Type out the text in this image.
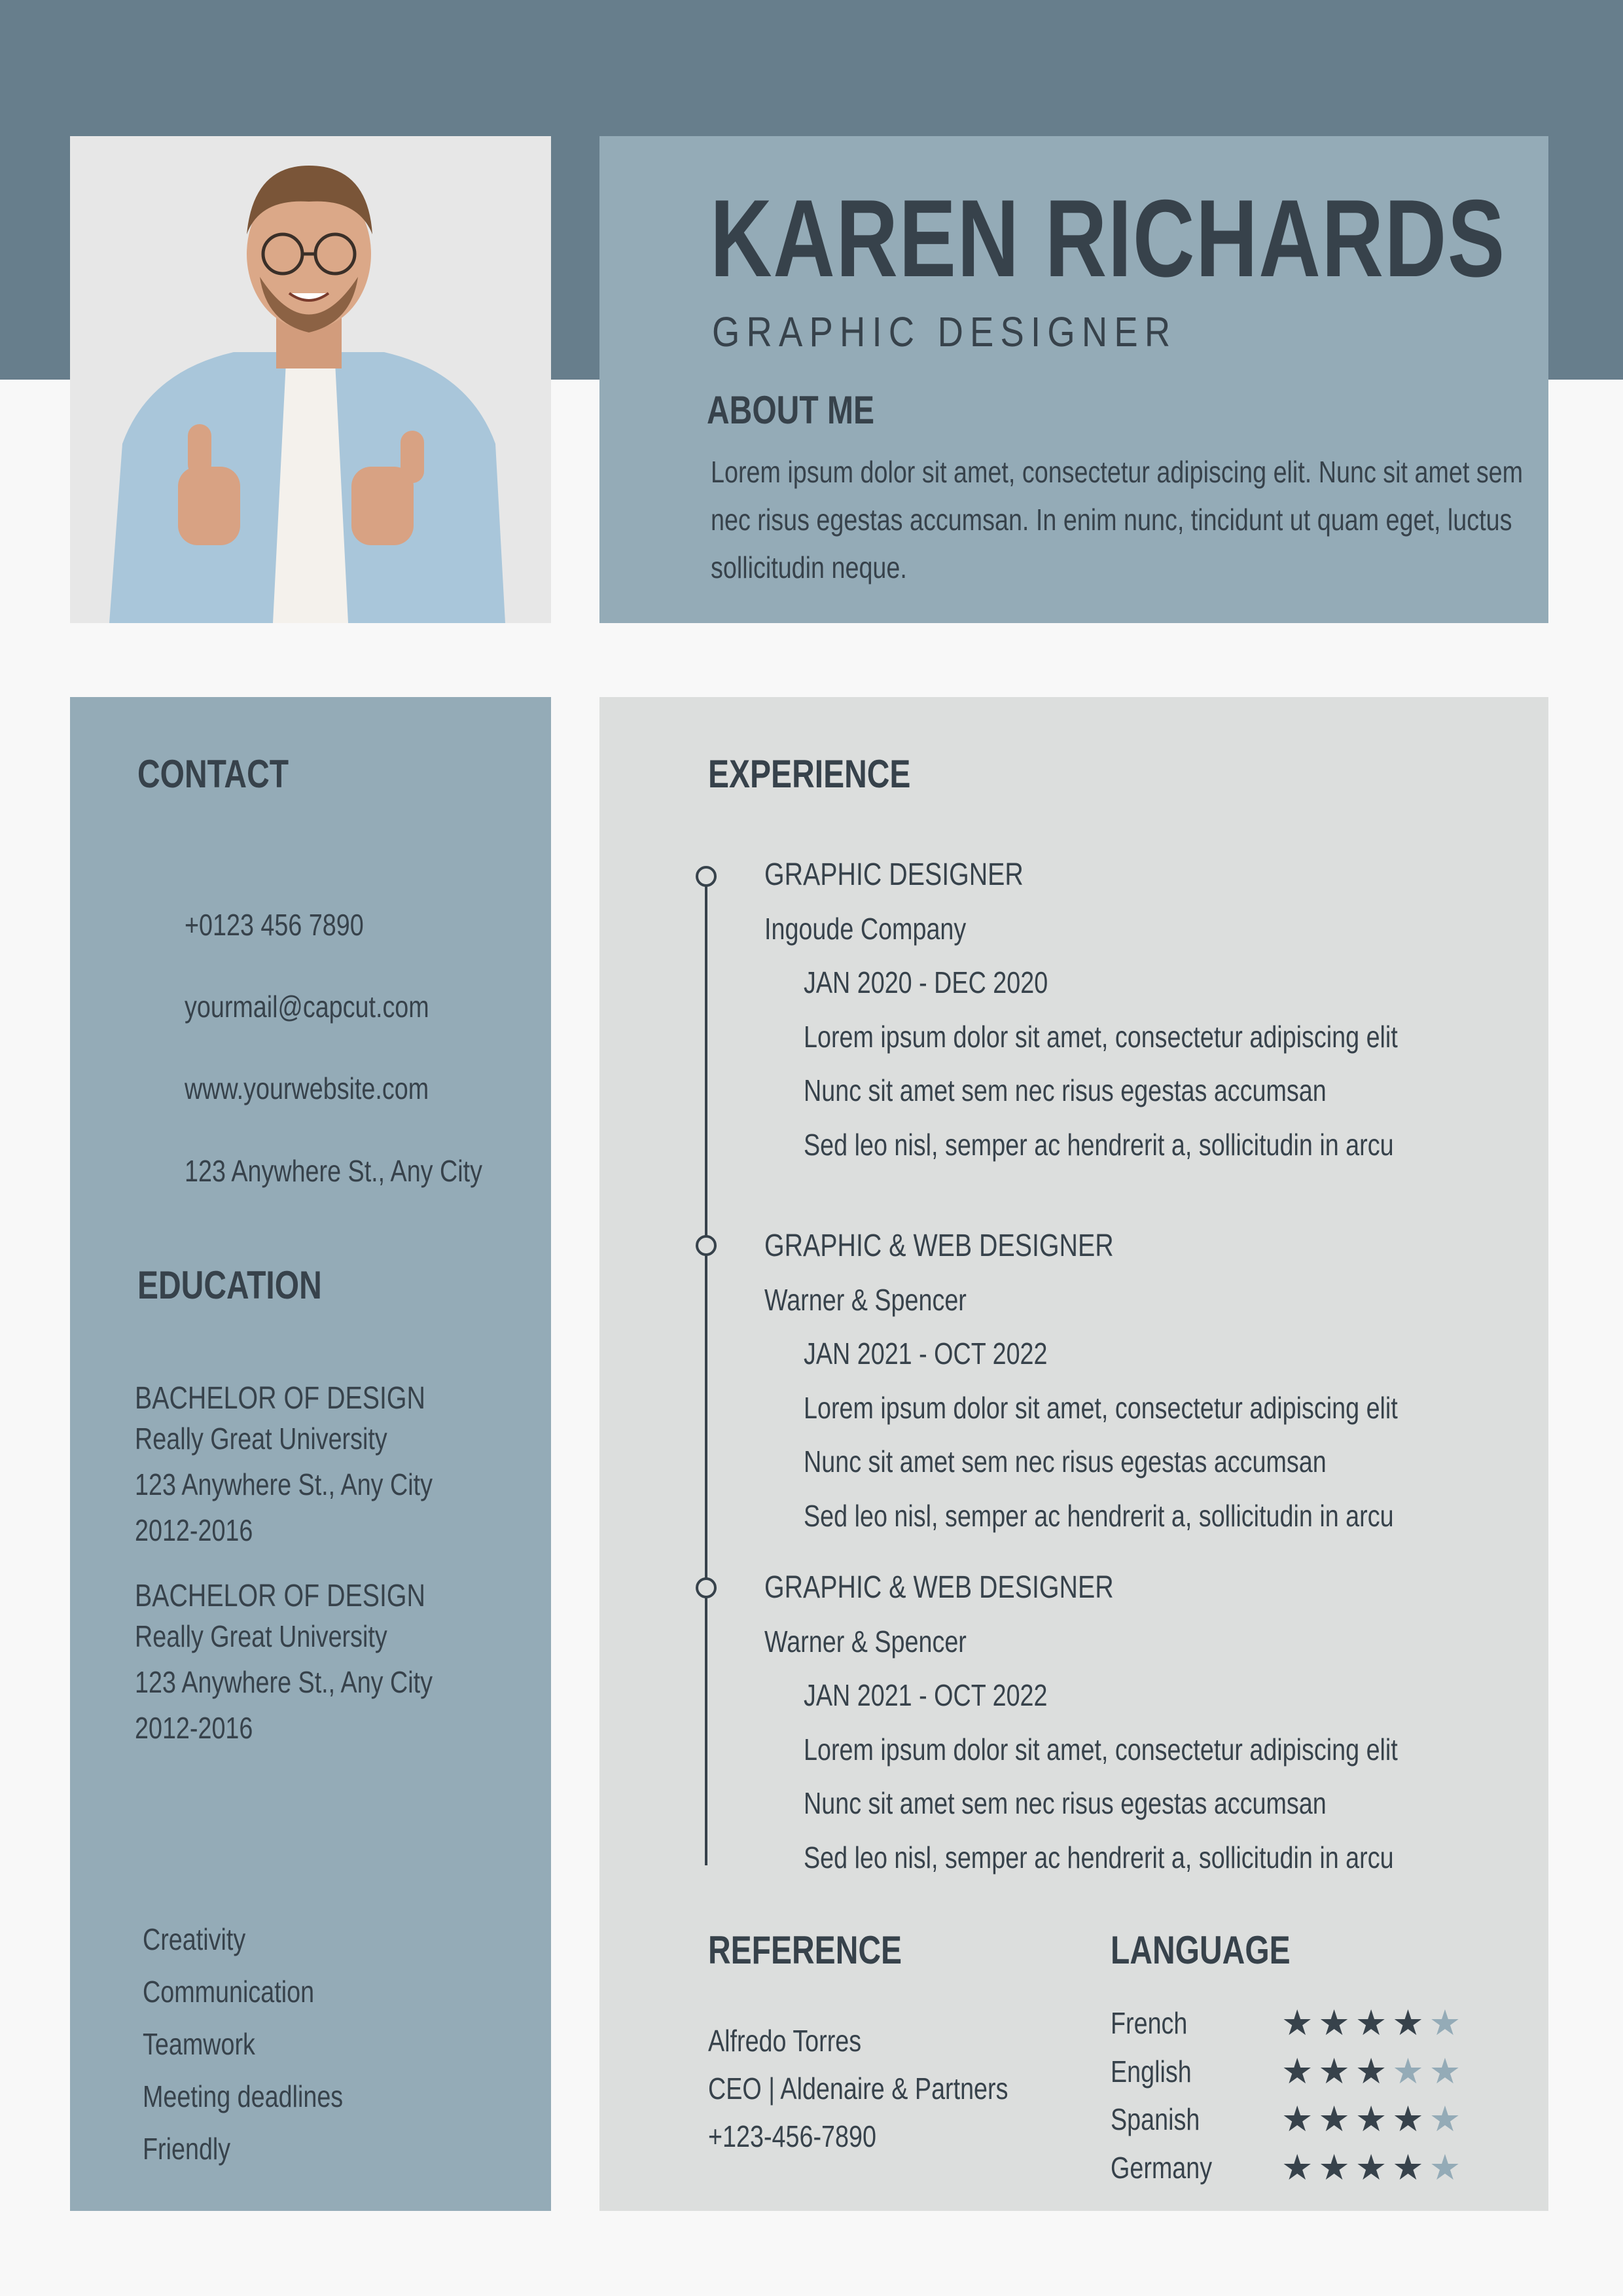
KAREN RICHARDS
GRAPHIC DESIGNER
ABOUT ME
Lorem ipsum dolor sit amet, consectetur adipiscing elit. Nunc sit amet sem nec risus egestas accumsan. In enim nunc, tincidunt ut quam eget, luctus sollicitudin neque.
CONTACT
+0123 456 7890
yourmail@capcut.com
www.yourwebsite.com
123 Anywhere St., Any City
EDUCATION
BACHELOR OF DESIGN
Really Great University
123 Anywhere St., Any City
2012-2016
BACHELOR OF DESIGN
Really Great University
123 Anywhere St., Any City
2012-2016
Creativity
Communication
Teamwork
Meeting deadlines
Friendly
EXPERIENCE
GRAPHIC DESIGNER
Ingoude Company
JAN 2020 - DEC 2020
Lorem ipsum dolor sit amet, consectetur adipiscing elit
Nunc sit amet sem nec risus egestas accumsan
Sed leo nisl, semper ac hendrerit a, sollicitudin in arcu
GRAPHIC & WEB DESIGNER
Warner & Spencer
JAN 2021 - OCT 2022
Lorem ipsum dolor sit amet, consectetur adipiscing elit
Nunc sit amet sem nec risus egestas accumsan
Sed leo nisl, semper ac hendrerit a, sollicitudin in arcu
GRAPHIC & WEB DESIGNER
Warner & Spencer
JAN 2021 - OCT 2022
Lorem ipsum dolor sit amet, consectetur adipiscing elit
Nunc sit amet sem nec risus egestas accumsan
Sed leo nisl, semper ac hendrerit a, sollicitudin in arcu
REFERENCE
Alfredo Torres
CEO | Aldenaire & Partners
+123-456-7890
LANGUAGE
French
English
Spanish
Germany
★★★★★
★★★★★
★★★★★
★★★★★
